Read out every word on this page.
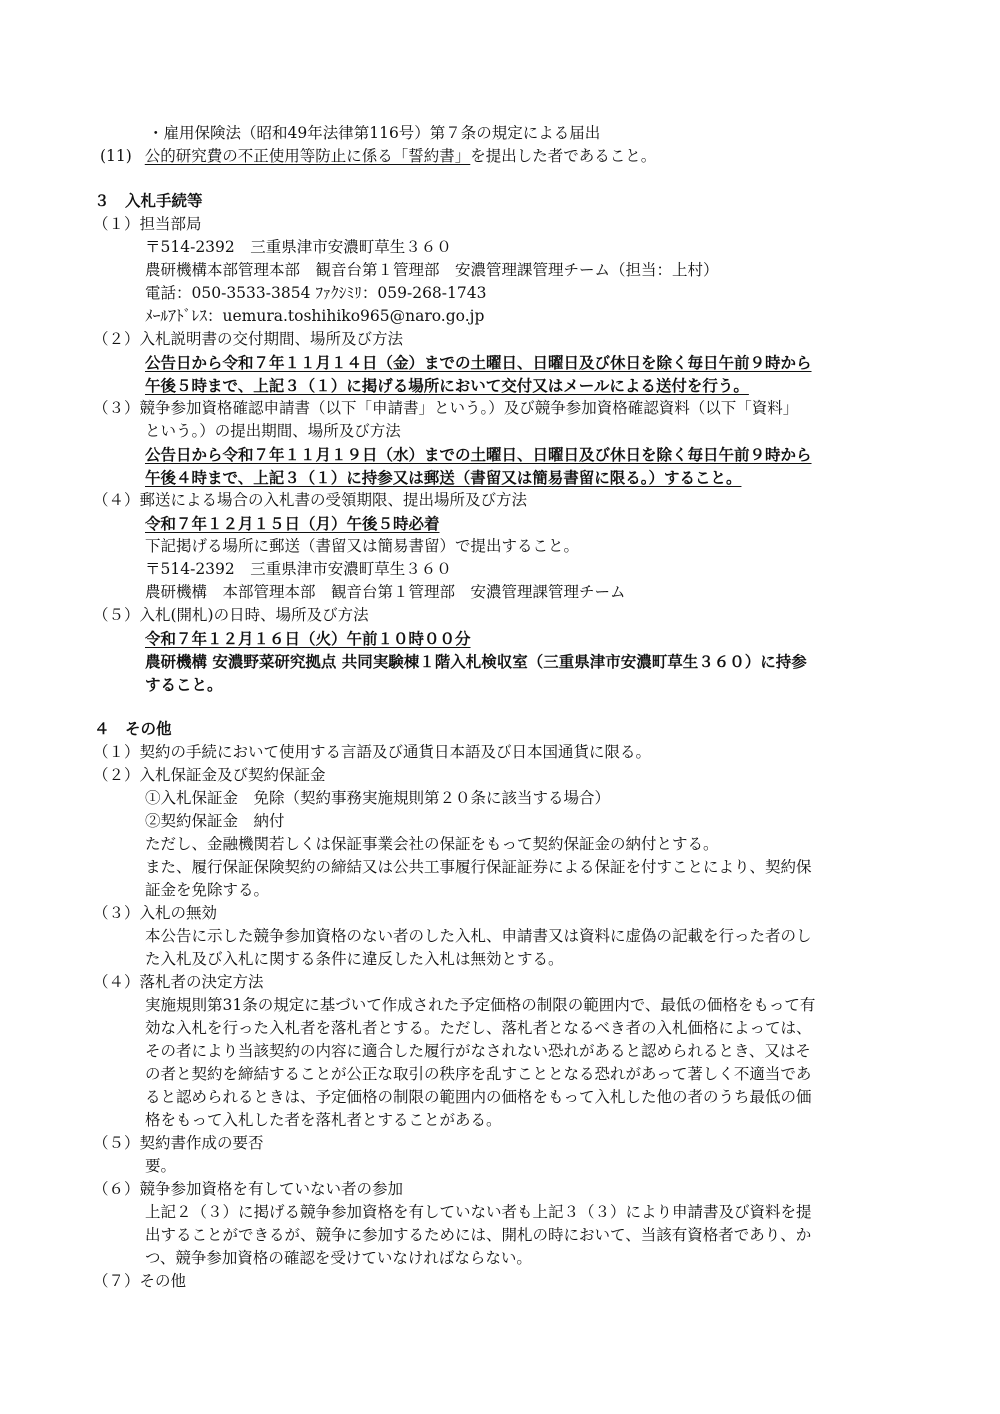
・雇用保険法（昭和49年法律第116号）第７条の規定による届出
(11) 公的研究費の不正使用等防止に係る「誓約書」を提出した者であること。
３　入札手続等
（１）担当部局
〒514-2392　三重県津市安濃町草生３６０
農研機構本部管理本部　観音台第１管理部　安濃管理課管理チーム（担当：上村）
電話：050-3533-3854 ﾌｧｸｼﾐﾘ：059-268-1743
ﾒｰﾙｱﾄﾞﾚｽ：uemura.toshihiko965@naro.go.jp
（２）入札説明書の交付期間、場所及び方法
公告日から令和７年１１月１４日（金）までの土曜日、日曜日及び休日を除く毎日午前９時から
午後５時まで、上記３（１）に掲げる場所において交付又はメールによる送付を行う。
（３）競争参加資格確認申請書（以下「申請書」という。）及び競争参加資格確認資料（以下「資料」
という。）の提出期間、場所及び方法
公告日から令和７年１１月１９日（水）までの土曜日、日曜日及び休日を除く毎日午前９時から
午後４時まで、上記３（１）に持参又は郵送（書留又は簡易書留に限る。）すること。
（４）郵送による場合の入札書の受領期限、提出場所及び方法
令和７年１２月１５日（月）午後５時必着
下記掲げる場所に郵送（書留又は簡易書留）で提出すること。
〒514-2392　三重県津市安濃町草生３６０
農研機構　本部管理本部　観音台第１管理部　安濃管理課管理チーム
（５）入札(開札)の日時、場所及び方法
令和７年１２月１６日（火）午前１０時００分
農研機構 安濃野菜研究拠点 共同実験棟１階入札検収室（三重県津市安濃町草生３６０）に持参
すること。
４　その他
（１）契約の手続において使用する言語及び通貨日本語及び日本国通貨に限る。
（２）入札保証金及び契約保証金
①入札保証金　免除（契約事務実施規則第２０条に該当する場合）
②契約保証金　納付
ただし、金融機関若しくは保証事業会社の保証をもって契約保証金の納付とする。
また、履行保証保険契約の締結又は公共工事履行保証証券による保証を付すことにより、契約保
証金を免除する。
（３）入札の無効
本公告に示した競争参加資格のない者のした入札、申請書又は資料に虚偽の記載を行った者のし
た入札及び入札に関する条件に違反した入札は無効とする。
（４）落札者の決定方法
実施規則第31条の規定に基づいて作成された予定価格の制限の範囲内で、最低の価格をもって有
効な入札を行った入札者を落札者とする。ただし、落札者となるべき者の入札価格によっては、
その者により当該契約の内容に適合した履行がなされない恐れがあると認められるとき、又はそ
の者と契約を締結することが公正な取引の秩序を乱すこととなる恐れがあって著しく不適当であ
ると認められるときは、予定価格の制限の範囲内の価格をもって入札した他の者のうち最低の価
格をもって入札した者を落札者とすることがある。
（５）契約書作成の要否
要。
（６）競争参加資格を有していない者の参加
上記２（３）に掲げる競争参加資格を有していない者も上記３（３）により申請書及び資料を提
出することができるが、競争に参加するためには、開札の時において、当該有資格者であり、か
つ、競争参加資格の確認を受けていなければならない。
（７）その他
